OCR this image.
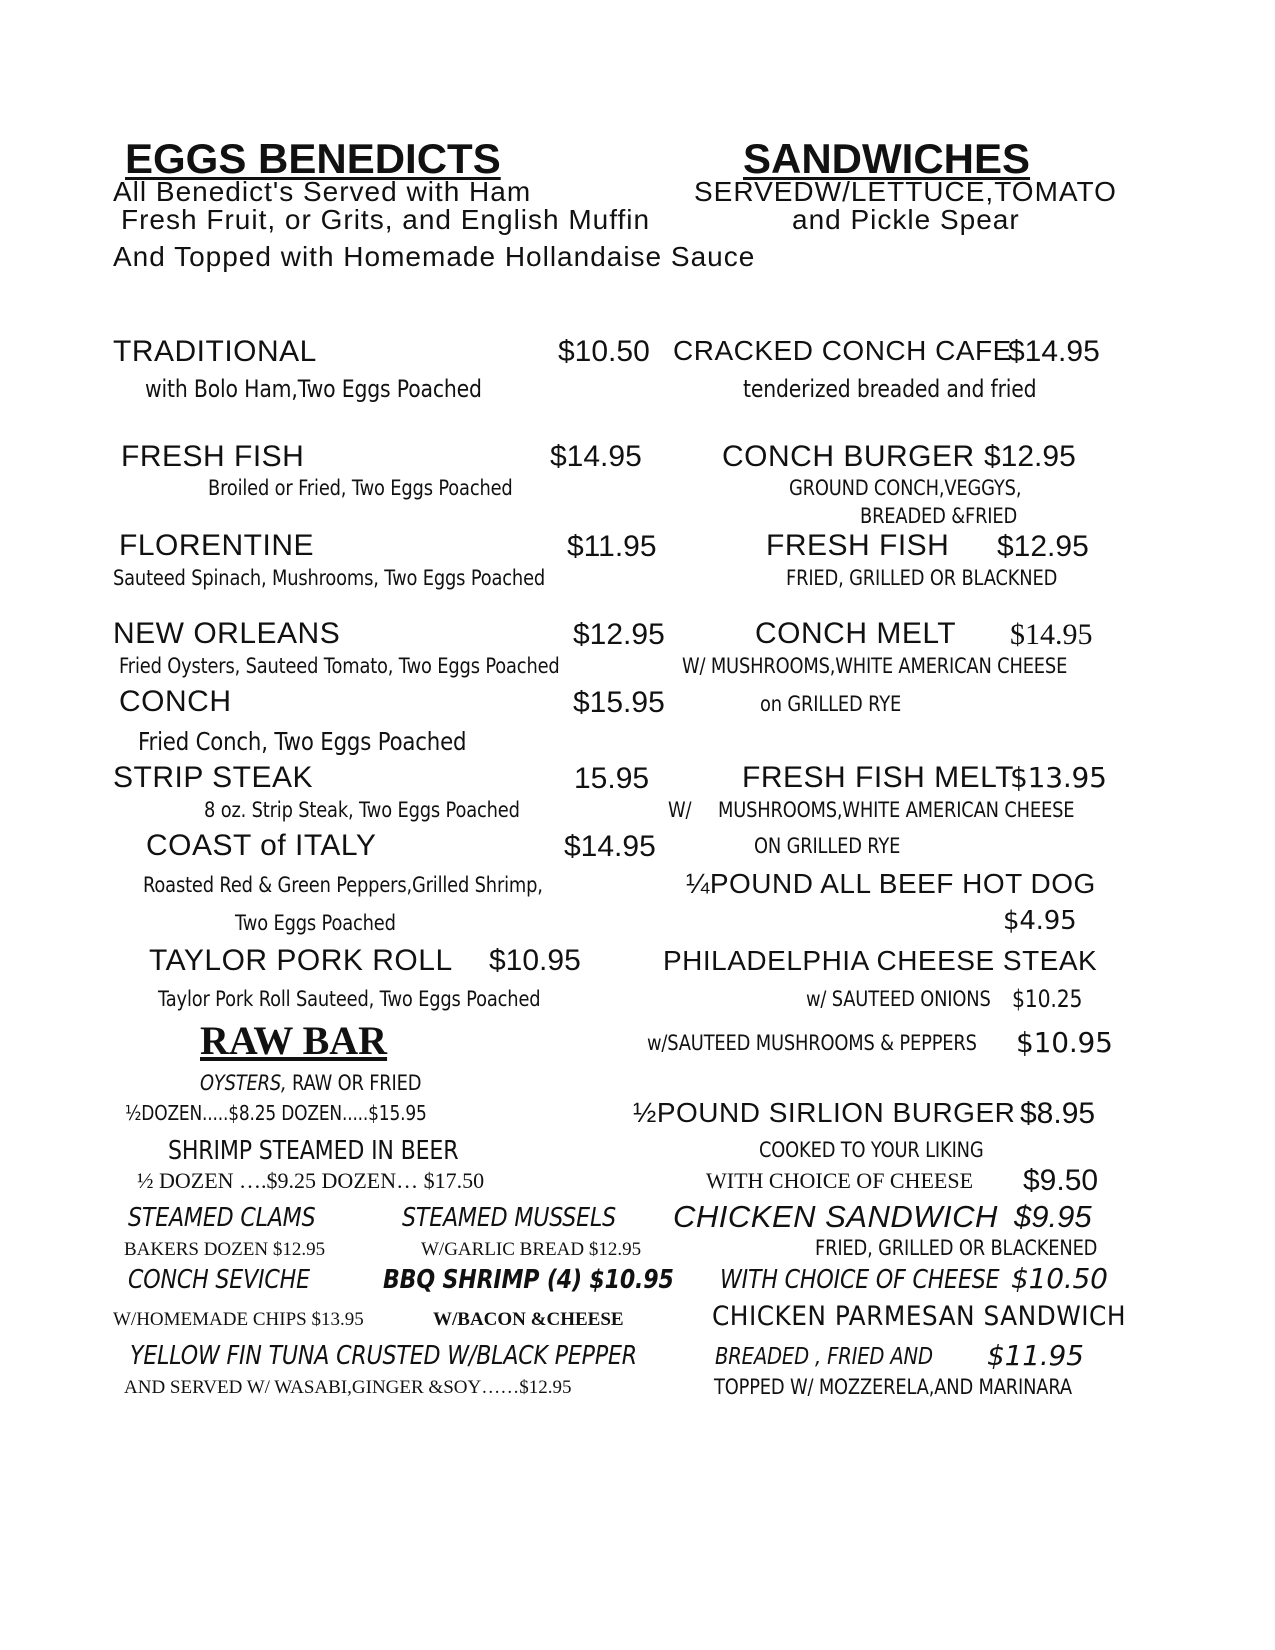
EGGS BENEDICTS
All Benedict's Served with Ham
Fresh Fruit, or Grits, and English Muffin
And Topped with Homemade Hollandaise Sauce
TRADITIONAL	$10.50
with Bolo Ham,Two Eggs Poached
FRESH FISH	$14.95
Broiled or Fried, Two Eggs Poached
FLORENTINE	$11.95
Sauteed Spinach, Mushrooms, Two Eggs Poached
NEW ORLEANS	$12.95
Fried Oysters, Sauteed Tomato, Two Eggs Poached
CONCH	$15.95
Fried Conch, Two Eggs Poached
STRIP STEAK	15.95
8 oz. Strip Steak, Two Eggs Poached
COAST of ITALY	$14.95
Roasted Red & Green Peppers,Grilled Shrimp,
Two Eggs Poached
TAYLOR PORK ROLL $10.95
Taylor Pork Roll Sauteed, Two Eggs Poached
RAW BAR
OYSTERS, RAW OR FRIED
½DOZEN.....$8.25 DOZEN.....$15.95
SHRIMP STEAMED IN BEER
½ DOZEN ….$9.25 DOZEN… $17.50
STEAMED CLAMS	STEAMED MUSSELS
BAKERS DOZEN $12.95	W/GARLIC BREAD $12.95
CONCH SEVICHE	BBQ SHRIMP (4) $10.95
W/HOMEMADE CHIPS $13.95	W/BACON &CHEESE
YELLOW FIN TUNA CRUSTED W/BLACK PEPPER
AND SERVED W/ WASABI,GINGER &SOY……$12.95
SANDWICHES
SERVEDW/LETTUCE,TOMATO
and Pickle Spear
CRACKED CONCH CAFE
$14.95
tenderized breaded and fried
CONCH BURGER $12.95
GROUND CONCH,VEGGYS,
BREADED &FRIED
FRESH FISH $12.95
FRIED, GRILLED OR BLACKNED
CONCH MELT $14.95
W/ MUSHROOMS,WHITE AMERICAN CHEESE
on GRILLED RYE
FRESH FISH MELT
$13.95
W/ MUSHROOMS,WHITE AMERICAN CHEESE
ON GRILLED RYE
¼POUND ALL BEEF HOT DOG
$4.95
PHILADELPHIA CHEESE STEAK
w/ SAUTEED ONIONS $10.25
w/SAUTEED MUSHROOMS & PEPPERS $10.95
½POUND SIRLION BURGER $8.95
COOKED TO YOUR LIKING
WITH CHOICE OF CHEESE $9.50
CHICKEN SANDWICH $9.95
FRIED, GRILLED OR BLACKENED
WITH CHOICE OF CHEESE $10.50
CHICKEN PARMESAN SANDWICH
BREADED , FRIED AND $11.95
TOPPED W/ MOZZERELA,AND MARINARA
